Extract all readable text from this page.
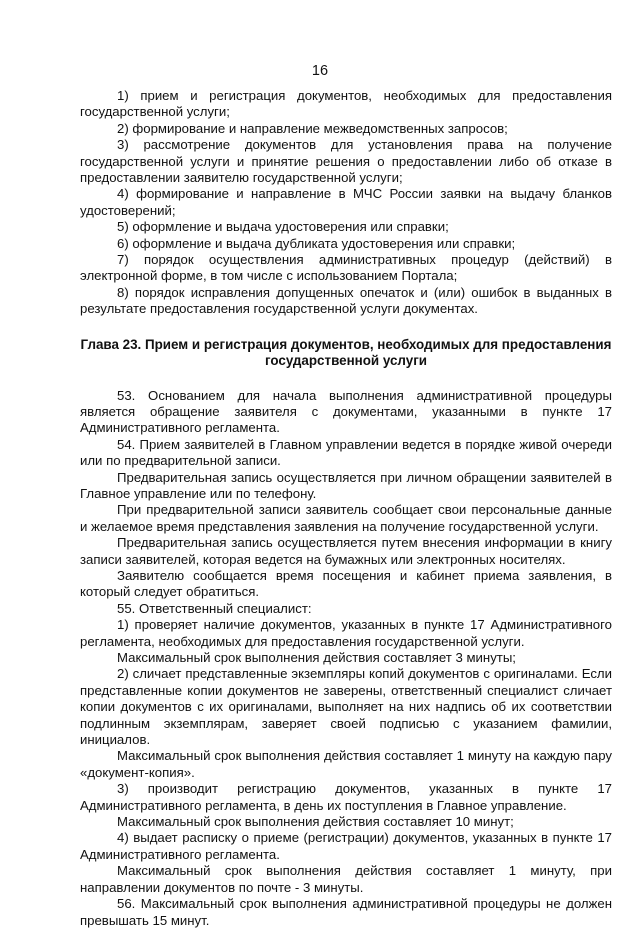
16

1) прием и регистрация документов, необходимых для предоставления государственной услуги;

2) формирование и направление межведомственных запросов;

3) рассмотрение документов для установления права на получение государственной услуги и принятие решения о предоставлении либо об отказе в предоставлении заявителю государственной услуги;

4) формирование и направление в МЧС России заявки на выдачу бланков удостоверений;

5) оформление и выдача удостоверения или справки;

6) оформление и выдача дубликата удостоверения или справки;

7) порядок осуществления административных процедур (действий) в электронной форме, в том числе с использованием Портала;

8) порядок исправления допущенных опечаток и (или) ошибок в выданных в результате предоставления государственной услуги документах.

Глава 23. Прием и регистрация документов, необходимых для предоставления государственной услуги

53. Основанием для начала выполнения административной процедуры является обращение заявителя с документами, указанными в пункте 17 Административного регламента.

54. Прием заявителей в Главном управлении ведется в порядке живой очереди или по предварительной записи.

Предварительная запись осуществляется при личном обращении заявителей в Главное управление или по телефону.

При предварительной записи заявитель сообщает свои персональные данные и желаемое время представления заявления на получение государственной услуги.

Предварительная запись осуществляется путем внесения информации в книгу записи заявителей, которая ведется на бумажных или электронных носителях.

Заявителю сообщается время посещения и кабинет приема заявления, в который следует обратиться.

55. Ответственный специалист:

1) проверяет наличие документов, указанных в пункте 17 Административного регламента, необходимых для предоставления государственной услуги.

Максимальный срок выполнения действия составляет 3 минуты;

2) сличает представленные экземпляры копий документов с оригиналами. Если представленные копии документов не заверены, ответственный специалист сличает копии документов с их оригиналами, выполняет на них надпись об их соответствии подлинным экземплярам, заверяет своей подписью с указанием фамилии, инициалов.

Максимальный срок выполнения действия составляет 1 минуту на каждую пару «документ-копия».

3) производит регистрацию документов, указанных в пункте 17 Административного регламента, в день их поступления в Главное управление.

Максимальный срок выполнения действия составляет 10 минут;

4) выдает расписку о приеме (регистрации) документов, указанных в пункте 17 Административного регламента.

Максимальный срок выполнения действия составляет 1 минуту, при направлении документов по почте - 3 минуты.

56. Максимальный срок выполнения административной процедуры не должен превышать 15 минут.
